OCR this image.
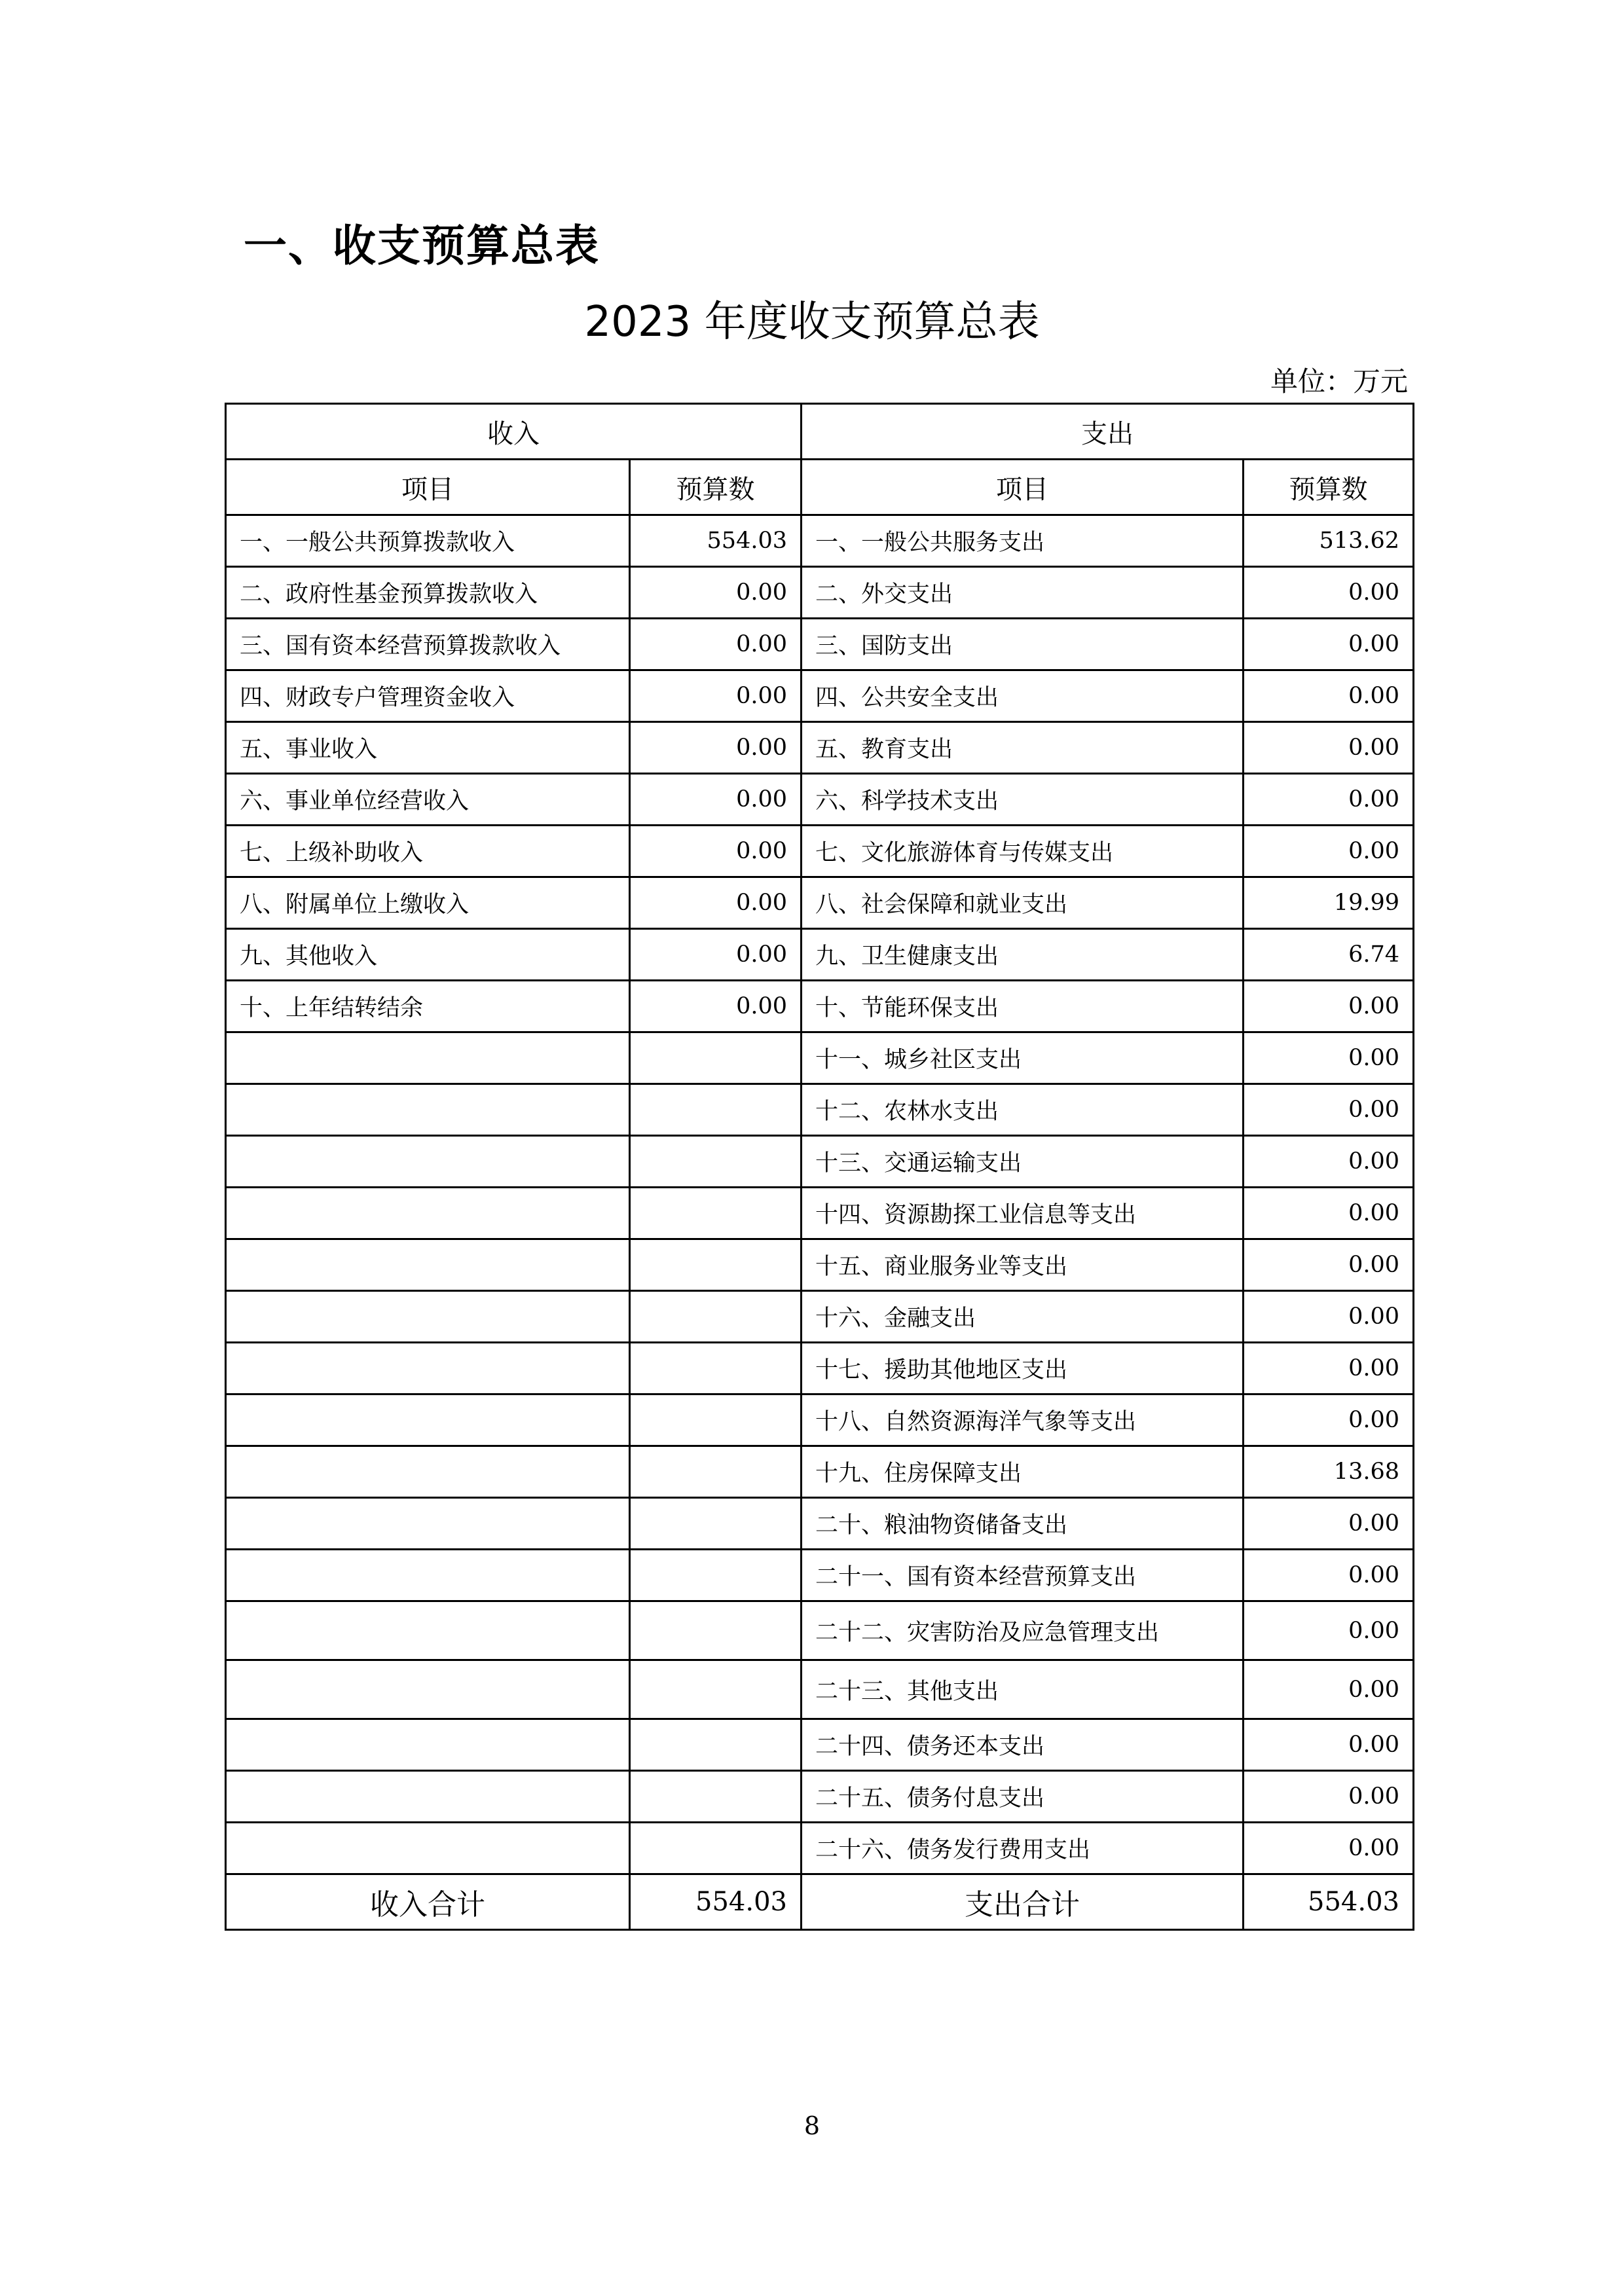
一、收支预算总表
2023 年度收支预算总表
单位：万元
收入		支出	
项目	预算数	项目	预算数
一、一般公共预算拨款收入	554.03	一、一般公共服务支出	513.62
二、政府性基金预算拨款收入	0.00	二、外交支出	0.00
三、国有资本经营预算拨款收入	0.00	三、国防支出	0.00
四、财政专户管理资金收入	0.00	四、公共安全支出	0.00
五、事业收入	0.00	五、教育支出	0.00
六、事业单位经营收入	0.00	六、科学技术支出	0.00
七、上级补助收入	0.00	七、文化旅游体育与传媒支出	0.00
八、附属单位上缴收入	0.00	八、社会保障和就业支出	19.99
九、其他收入	0.00	九、卫生健康支出	6.74
十、上年结转结余	0.00	十、节能环保支出	0.00
		十一、城乡社区支出	0.00
		十二、农林水支出	0.00
		十三、交通运输支出	0.00
		十四、资源勘探工业信息等支出	0.00
		十五、商业服务业等支出	0.00
		十六、金融支出	0.00
		十七、援助其他地区支出	0.00
		十八、自然资源海洋气象等支出	0.00
		十九、住房保障支出	13.68
		二十、粮油物资储备支出	0.00
		二十一、国有资本经营预算支出	0.00
		二十二、灾害防治及应急管理支出	0.00
		二十三、其他支出	0.00
		二十四、债务还本支出	0.00
		二十五、债务付息支出	0.00
		二十六、债务发行费用支出	0.00
收入合计	554.03	支出合计	554.03
8
